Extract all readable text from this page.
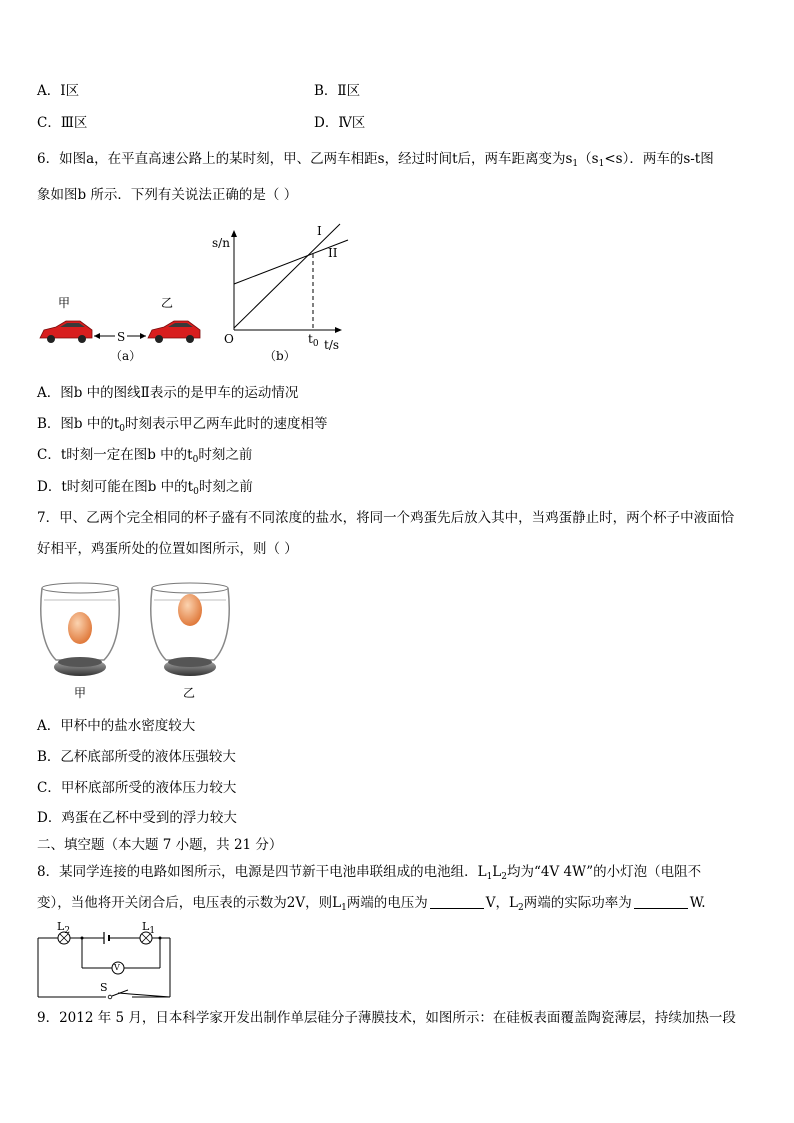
A．Ⅰ区	B．Ⅱ区
C．Ⅲ区	D．Ⅳ区
6．如图a，在平直高速公路上的某时刻，甲、乙两车相距s，经过时间t后，两车距离变为$s_1(s_1<s)$．两车的s-t图
象如图b 所示．下列有关说法正确的是（ ）
甲	乙
S
（a）
s/n
I
II
O	$t_0$ t/s
（b）
A．图b 中的图线Ⅱ表示的是甲车的运动情况
B．图b 中的$t_0$时刻表示甲乙两车此时的速度相等
C．t时刻一定在图b 中的$t_0$时刻之前
D．t时刻可能在图b 中的$t_0$时刻之前
7．甲、乙两个完全相同的杯子盛有不同浓度的盐水，将同一个鸡蛋先后放入其中，当鸡蛋静止时，两个杯子中液面恰
好相平，鸡蛋所处的位置如图所示，则（ ）
甲	乙
A．甲杯中的盐水密度较大
B．乙杯底部所受的液体压强较大
C．甲杯底部所受的液体压力较大
D．鸡蛋在乙杯中受到的浮力较大
二、填空题（本大题 7 小题，共 21 分）
8．某同学连接的电路如图所示，电源是四节新干电池串联组成的电池组．$L_1L_2$均为“4V 4W”的小灯泡（电阻不
变），当他将开关闭合后，电压表的示数为2V，则$L_1$两端的电压为	V，$L_2$两端的实际功率为	W.
$L_2$	$L_1$
V
S
9．2012 年 5 月，日本科学家开发出制作单层硅分子薄膜技术，如图所示：在硅板表面覆盖陶瓷薄层，持续加热一段
